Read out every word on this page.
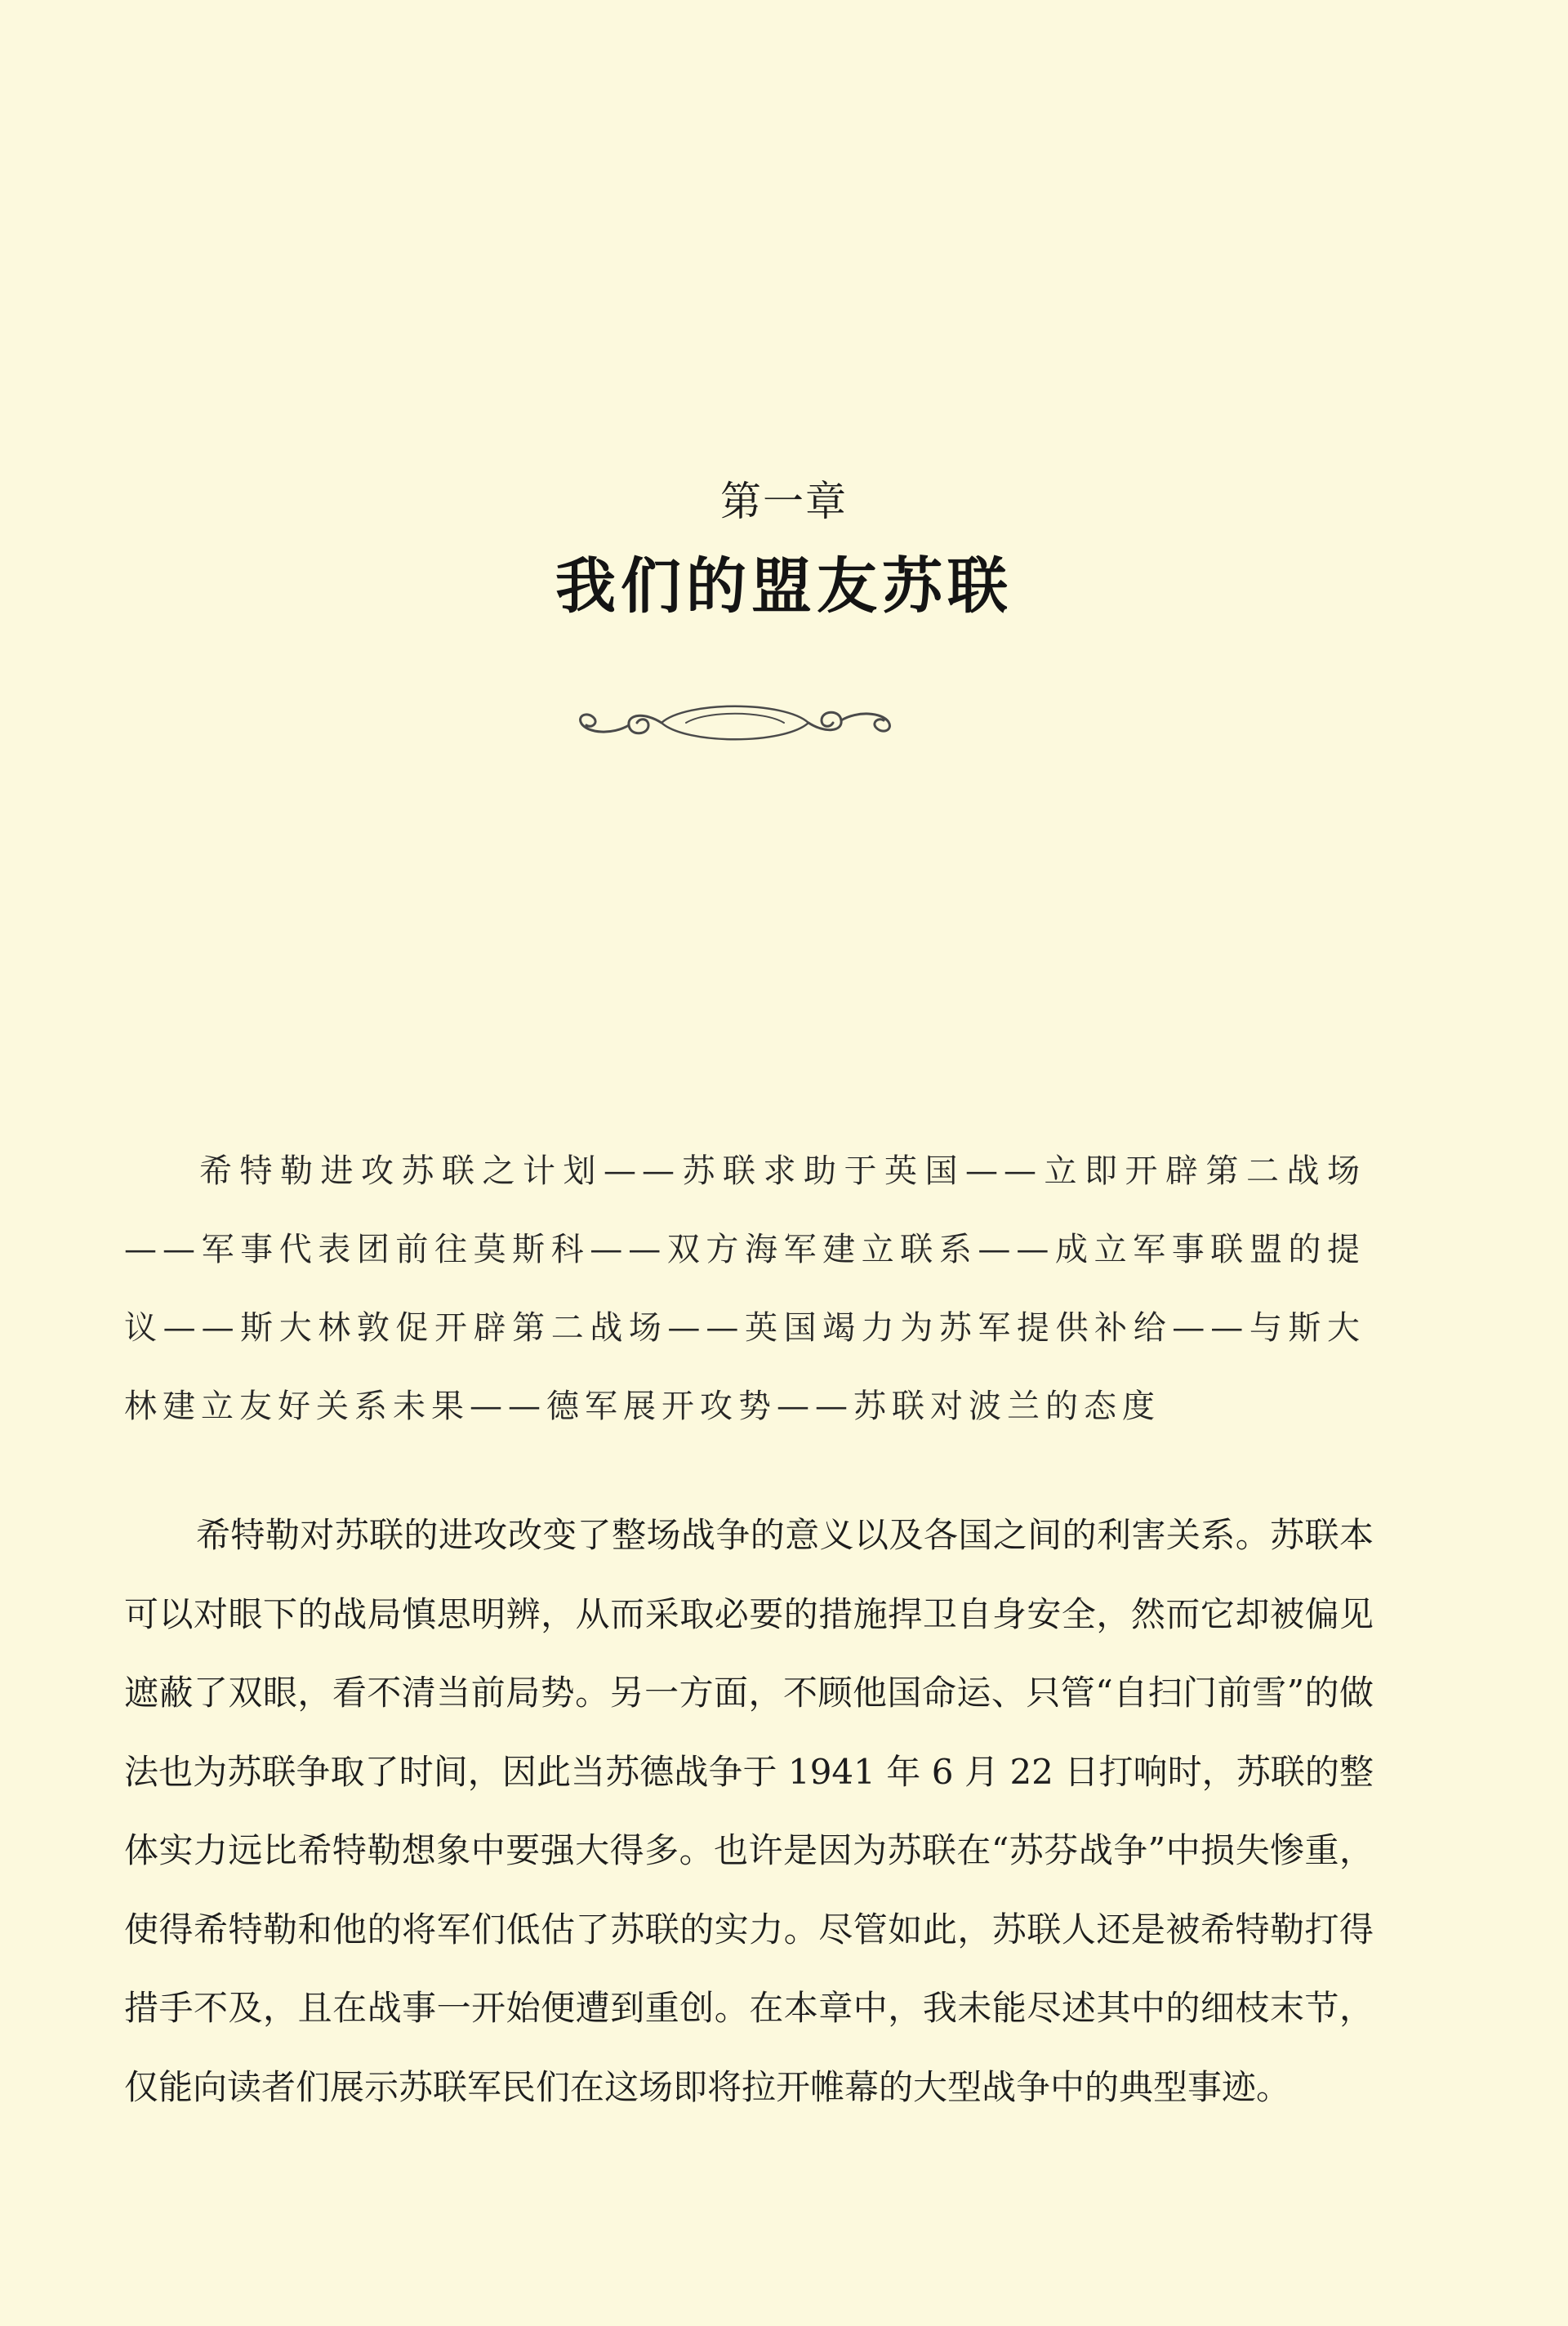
第一章
我们的盟友苏联

希特勒进攻苏联之计划——苏联求助于英国——立即开辟第二战场——军事代表团前往莫斯科——双方海军建立联系——成立军事联盟的提议——斯大林敦促开辟第二战场——英国竭力为苏军提供补给——与斯大林建立友好关系未果——德军展开攻势——苏联对波兰的态度

希特勒对苏联的进攻改变了整场战争的意义以及各国之间的利害关系。苏联本可以对眼下的战局慎思明辨，从而采取必要的措施捍卫自身安全，然而它却被偏见遮蔽了双眼，看不清当前局势。另一方面，不顾他国命运、只管“自扫门前雪”的做法也为苏联争取了时间，因此当苏德战争于 1941 年 6 月 22 日打响时，苏联的整体实力远比希特勒想象中要强大得多。也许是因为苏联在“苏芬战争”中损失惨重，使得希特勒和他的将军们低估了苏联的实力。尽管如此，苏联人还是被希特勒打得措手不及，且在战事一开始便遭到重创。在本章中，我未能尽述其中的细枝末节，仅能向读者们展示苏联军民们在这场即将拉开帷幕的大型战争中的典型事迹。
